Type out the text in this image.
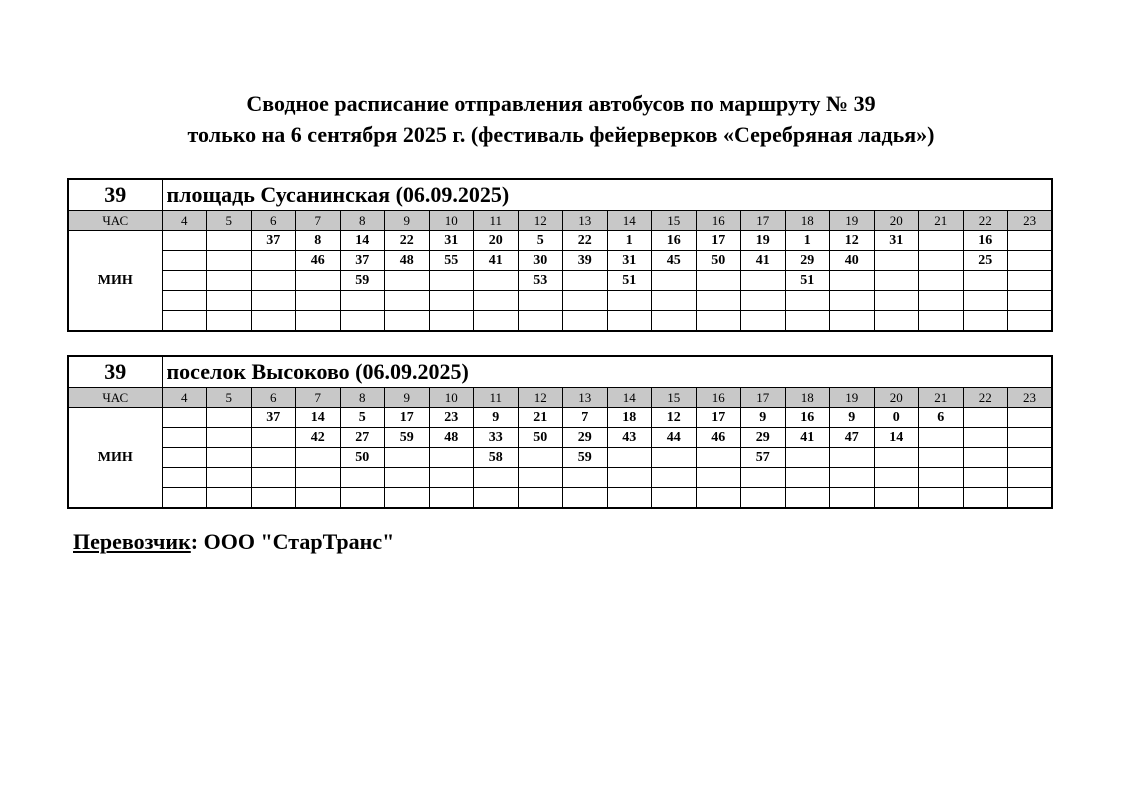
Сводное расписание отправления автобусов по маршруту № 39
только на 6 сентября 2025 г. (фестиваль фейерверков «Серебряная ладья»)
39	площадь Сусанинская (06.09.2025)																			
ЧАС	4	5	6	7	8	9	10	11	12	13	14	15	16	17	18	19	20	21	22	23
МИН			37	8	14	22	31	20	5	22	1	16	17	19	1	12	31		16	
				46	37	48	55	41	30	39	31	45	50	41	29	40			25	
					59				53		51				51					

39	поселок Высоково (06.09.2025)																			
ЧАС	4	5	6	7	8	9	10	11	12	13	14	15	16	17	18	19	20	21	22	23
МИН			37	14	5	17	23	9	21	7	18	12	17	9	16	9	0	6		
				42	27	59	48	33	50	29	43	44	46	29	41	47	14			
					50			58		59				57						

Перевозчик: ООО "СтарТранс"
